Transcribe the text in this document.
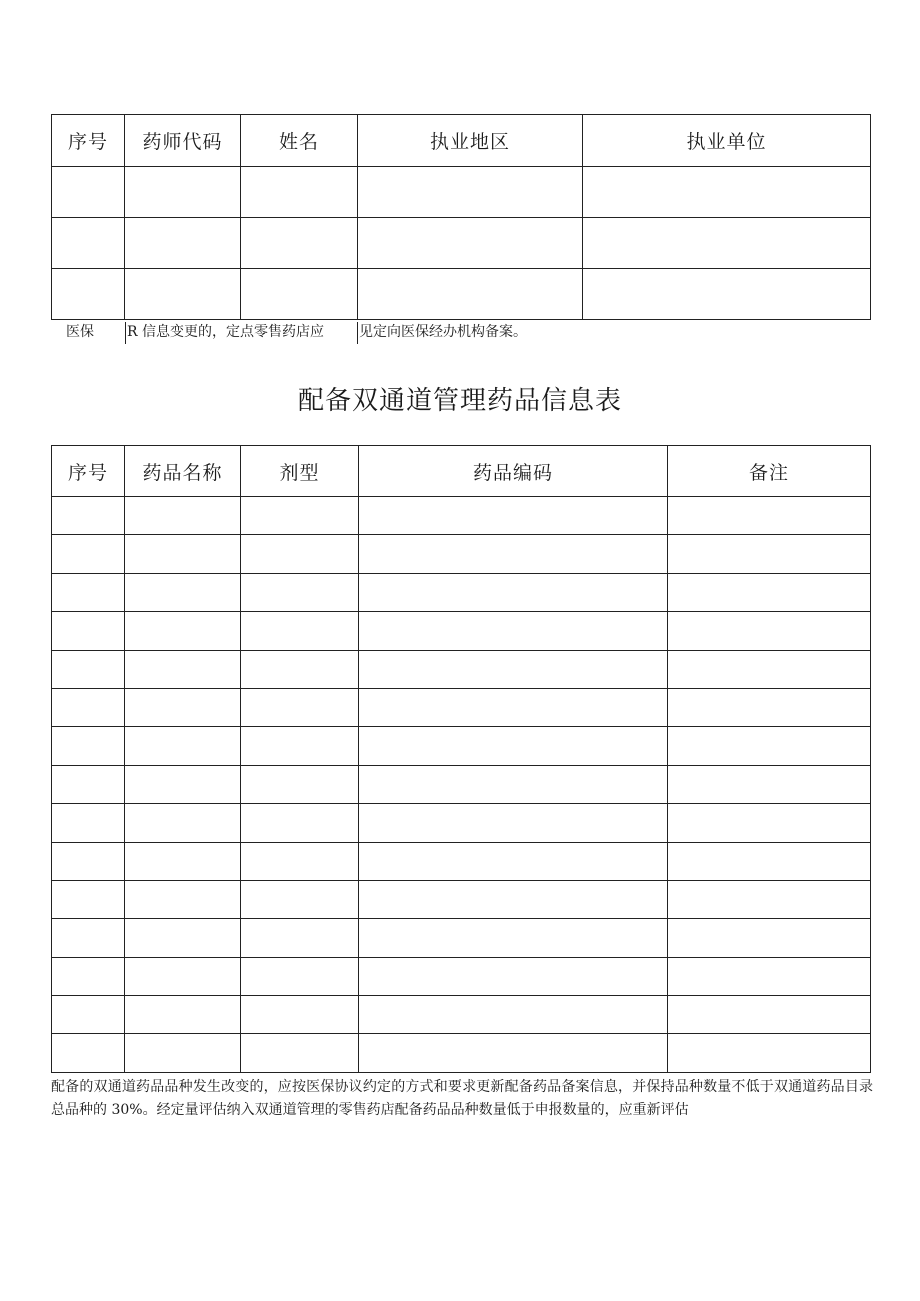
序号	药师代码	姓名	执业地区	执业单位

医保 R 信息变更的，定点零售药店应	见定向医保经办机构备案。
配备双通道管理药品信息表
序号	药品名称	剂型	药品编码	备注

配备的双通道药品品种发生改变的，应按医保协议约定的方式和要求更新配备药品备案信息，并保持品种数量不低于双通道药品目录总品种的 30%。经定量评估纳入双通道管理的零售药店配备药品品种数量低于申报数量的，应重新评估
